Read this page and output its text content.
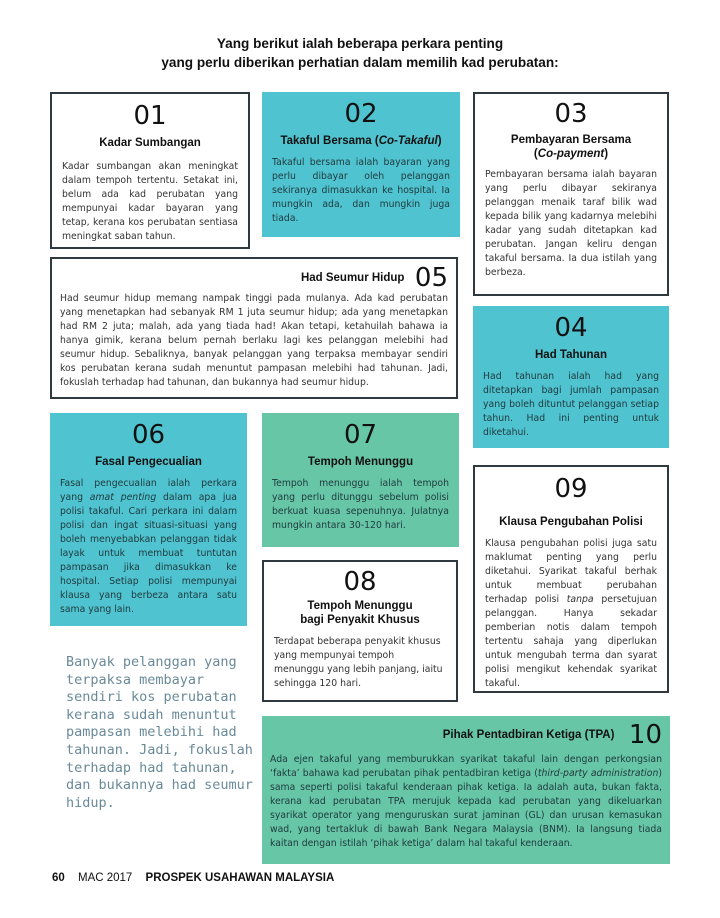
Yang berikut ialah beberapa perkara penting
yang perlu diberikan perhatian dalam memilih kad perubatan:
01
Kadar Sumbangan
Kadar sumbangan akan meningkat dalam tempoh tertentu. Setakat ini, belum ada kad perubatan yang mempunyai kadar bayaran yang tetap, kerana kos perubatan sentiasa meningkat saban tahun.
02
Takaful Bersama (Co-Takaful)
Takaful bersama ialah bayaran yang perlu dibayar oleh pelanggan sekiranya dimasukkan ke hospital. Ia mungkin ada, dan mungkin juga tiada.
03
Pembayaran Bersama
(Co-payment)
Pembayaran bersama ialah bayaran yang perlu dibayar sekiranya pelanggan menaik taraf bilik wad kepada bilik yang kadarnya melebihi kadar yang sudah ditetapkan kad perubatan. Jangan keliru dengan takaful bersama. Ia dua istilah yang berbeza.
Had Seumur Hidup 05
Had seumur hidup memang nampak tinggi pada mulanya. Ada kad perubatan yang menetapkan had sebanyak RM 1 juta seumur hidup; ada yang menetapkan had RM 2 juta; malah, ada yang tiada had! Akan tetapi, ketahuilah bahawa ia hanya gimik, kerana belum pernah berlaku lagi kes pelanggan melebihi had seumur hidup. Sebaliknya, banyak pelanggan yang terpaksa membayar sendiri kos perubatan kerana sudah menuntut pampasan melebihi had tahunan. Jadi, fokuslah terhadap had tahunan, dan bukannya had seumur hidup.
04
Had Tahunan
Had tahunan ialah had yang ditetapkan bagi jumlah pampasan yang boleh dituntut pelanggan setiap tahun. Had ini penting untuk diketahui.
06
Fasal Pengecualian
Fasal pengecualian ialah perkara yang amat penting dalam apa jua polisi takaful. Cari perkara ini dalam polisi dan ingat situasi-situasi yang boleh menyebabkan pelanggan tidak layak untuk membuat tuntutan pampasan jika dimasukkan ke hospital. Setiap polisi mempunyai klausa yang berbeza antara satu sama yang lain.
07
Tempoh Menunggu
Tempoh menunggu ialah tempoh yang perlu ditunggu sebelum polisi berkuat kuasa sepenuhnya. Julatnya mungkin antara 30-120 hari.
09
Klausa Pengubahan Polisi
Klausa pengubahan polisi juga satu maklumat penting yang perlu diketahui. Syarikat takaful berhak untuk membuat perubahan terhadap polisi tanpa persetujuan pelanggan. Hanya sekadar pemberian notis dalam tempoh tertentu sahaja yang diperlukan untuk mengubah terma dan syarat polisi mengikut kehendak syarikat takaful.
08
Tempoh Menunggu
bagi Penyakit Khusus
Terdapat beberapa penyakit khusus yang mempunyai tempoh menunggu yang lebih panjang, iaitu sehingga 120 hari.
Banyak pelanggan yang terpaksa membayar sendiri kos perubatan kerana sudah menuntut pampasan melebihi had tahunan. Jadi, fokuslah terhadap had tahunan, dan bukannya had seumur hidup.
Pihak Pentadbiran Ketiga (TPA) 10
Ada ejen takaful yang memburukkan syarikat takaful lain dengan perkongsian ‘fakta’ bahawa kad perubatan pihak pentadbiran ketiga (third-party administration) sama seperti polisi takaful kenderaan pihak ketiga. Ia adalah auta, bukan fakta, kerana kad perubatan TPA merujuk kepada kad perubatan yang dikeluarkan syarikat operator yang menguruskan surat jaminan (GL) dan urusan kemasukan wad, yang tertakluk di bawah Bank Negara Malaysia (BNM). Ia langsung tiada kaitan dengan istilah ‘pihak ketiga’ dalam hal takaful kenderaan.
60 MAC 2017 PROSPEK USAHAWAN MALAYSIA
